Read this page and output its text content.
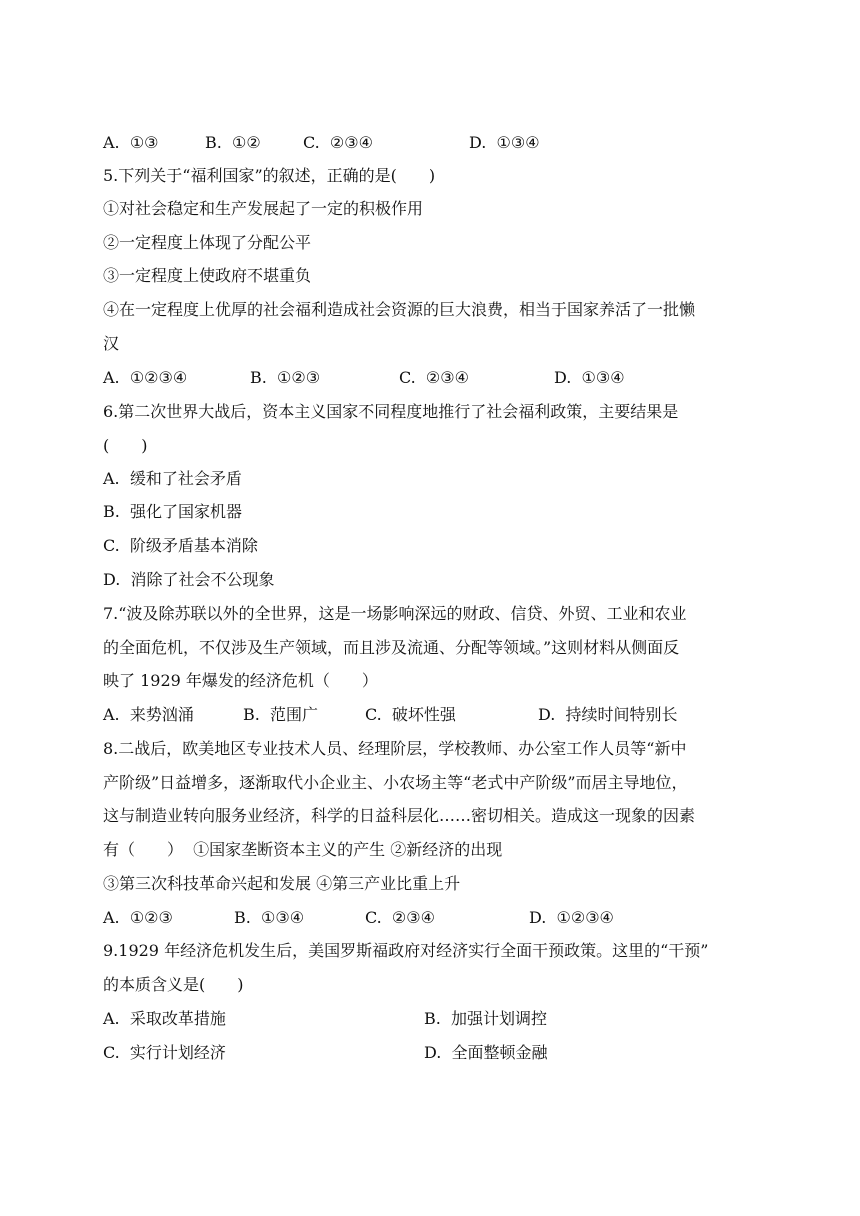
A.  ①③	B.  ①②	C.  ②③④	D.  ①③④
5.下列关于“福利国家”的叙述，正确的是(　　)
①对社会稳定和生产发展起了一定的积极作用
②一定程度上体现了分配公平
③一定程度上使政府不堪重负
④在一定程度上优厚的社会福利造成社会资源的巨大浪费，相当于国家养活了一批懒
汉
A.  ①②③④	B.  ①②③	C.  ②③④	D.  ①③④
6.第二次世界大战后，资本主义国家不同程度地推行了社会福利政策，主要结果是
(　　)
A.  缓和了社会矛盾
B.  强化了国家机器
C.  阶级矛盾基本消除
D.  消除了社会不公现象
7.“波及除苏联以外的全世界，这是一场影响深远的财政、信贷、外贸、工业和农业
的全面危机，不仅涉及生产领域，而且涉及流通、分配等领域。”这则材料从侧面反
映了 1929 年爆发的经济危机（　　）
A.  来势汹涌	B.  范围广	C.  破坏性强	D.  持续时间特别长
8.二战后，欧美地区专业技术人员、经理阶层，学校教师、办公室工作人员等“新中
产阶级”日益增多，逐渐取代小企业主、小农场主等“老式中产阶级”而居主导地位，
这与制造业转向服务业经济，科学的日益科层化……密切相关。造成这一现象的因素
有（　　）  ①国家垄断资本主义的产生 ②新经济的出现
③第三次科技革命兴起和发展 ④第三产业比重上升
A.  ①②③	B.  ①③④	C.  ②③④	D.  ①②③④
9.1929 年经济危机发生后，美国罗斯福政府对经济实行全面干预政策。这里的“干预”
的本质含义是(　　)
A.  采取改革措施	B.  加强计划调控
C.  实行计划经济	D.  全面整顿金融
